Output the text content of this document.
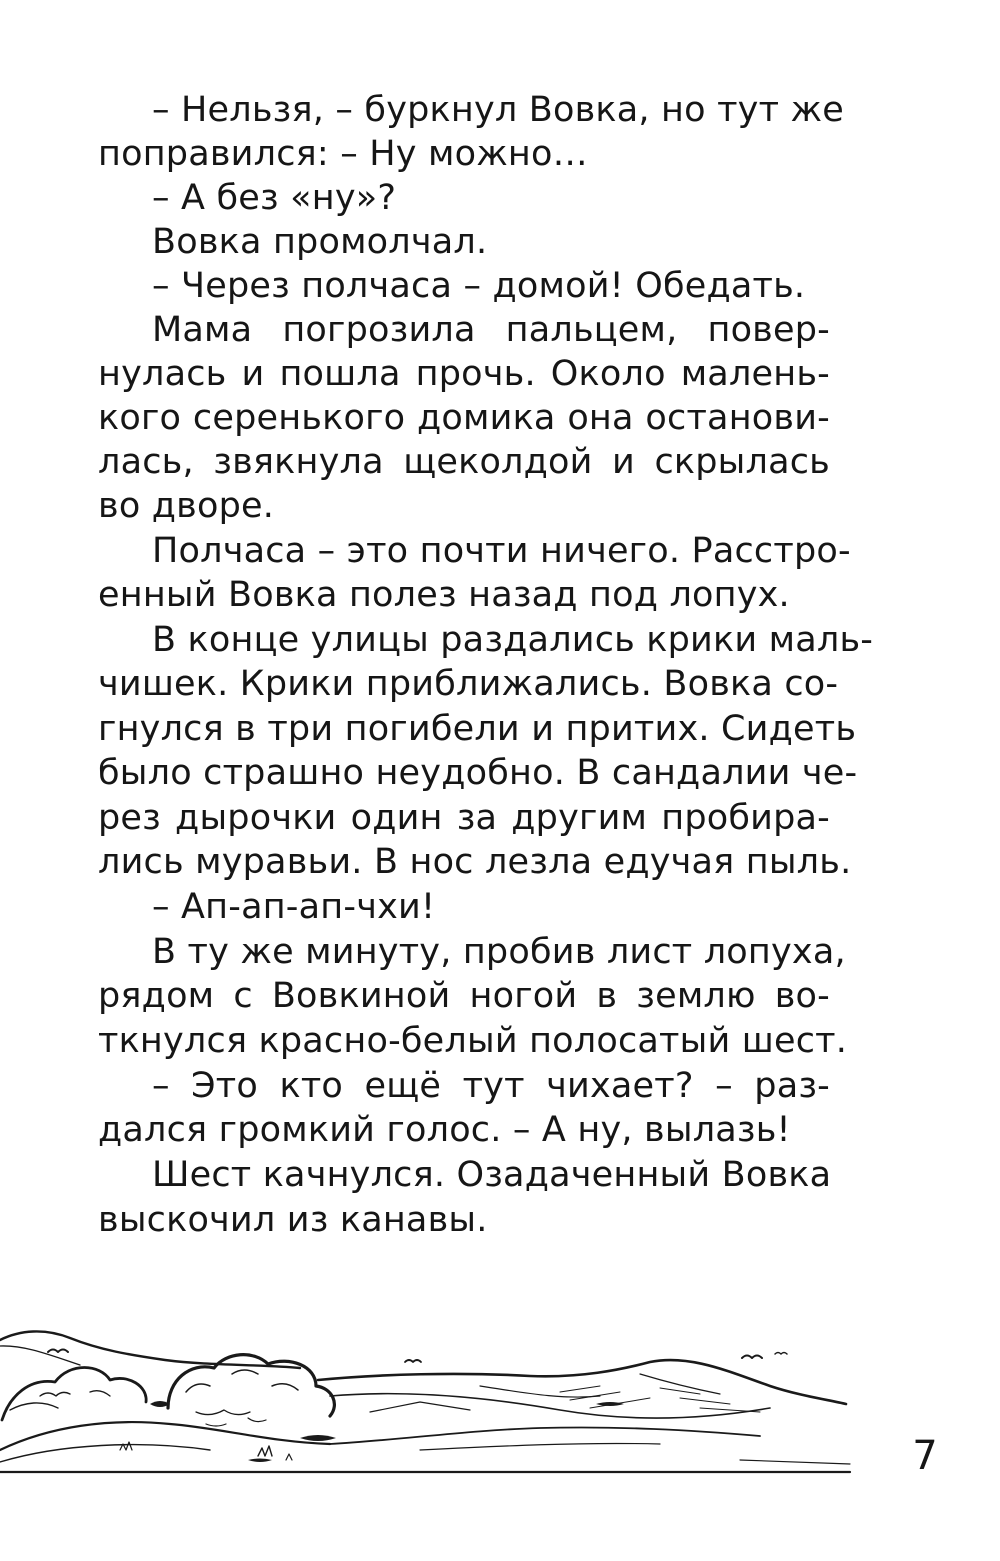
– Нельзя, – буркнул Вовка, но тут же
поправился: – Ну можно…
– А без «ну»?
Вовка промолчал.
– Через полчаса – домой! Обедать.
Мама погрозила пальцем, повер-
нулась и пошла прочь. Около малень-
кого серенького домика она останови-
лась, звякнула щеколдой и скрылась
во дворе.
Полчаса – это почти ничего. Расстро-
енный Вовка полез назад под лопух.
В конце улицы раздались крики маль-
чишек. Крики приближались. Вовка со-
гнулся в три погибели и притих. Сидеть
было страшно неудобно. В сандалии че-
рез дырочки один за другим пробира-
лись муравьи. В нос лезла едучая пыль.
– Ап-ап-ап-чхи!
В ту же минуту, пробив лист лопуха,
рядом с Вовкиной ногой в землю во-
ткнулся красно-белый полосатый шест.
– Это кто ещё тут чихает? – раз-
дался громкий голос. – А ну, вылазь!
Шест качнулся. Озадаченный Вовка
выскочил из канавы.
7
